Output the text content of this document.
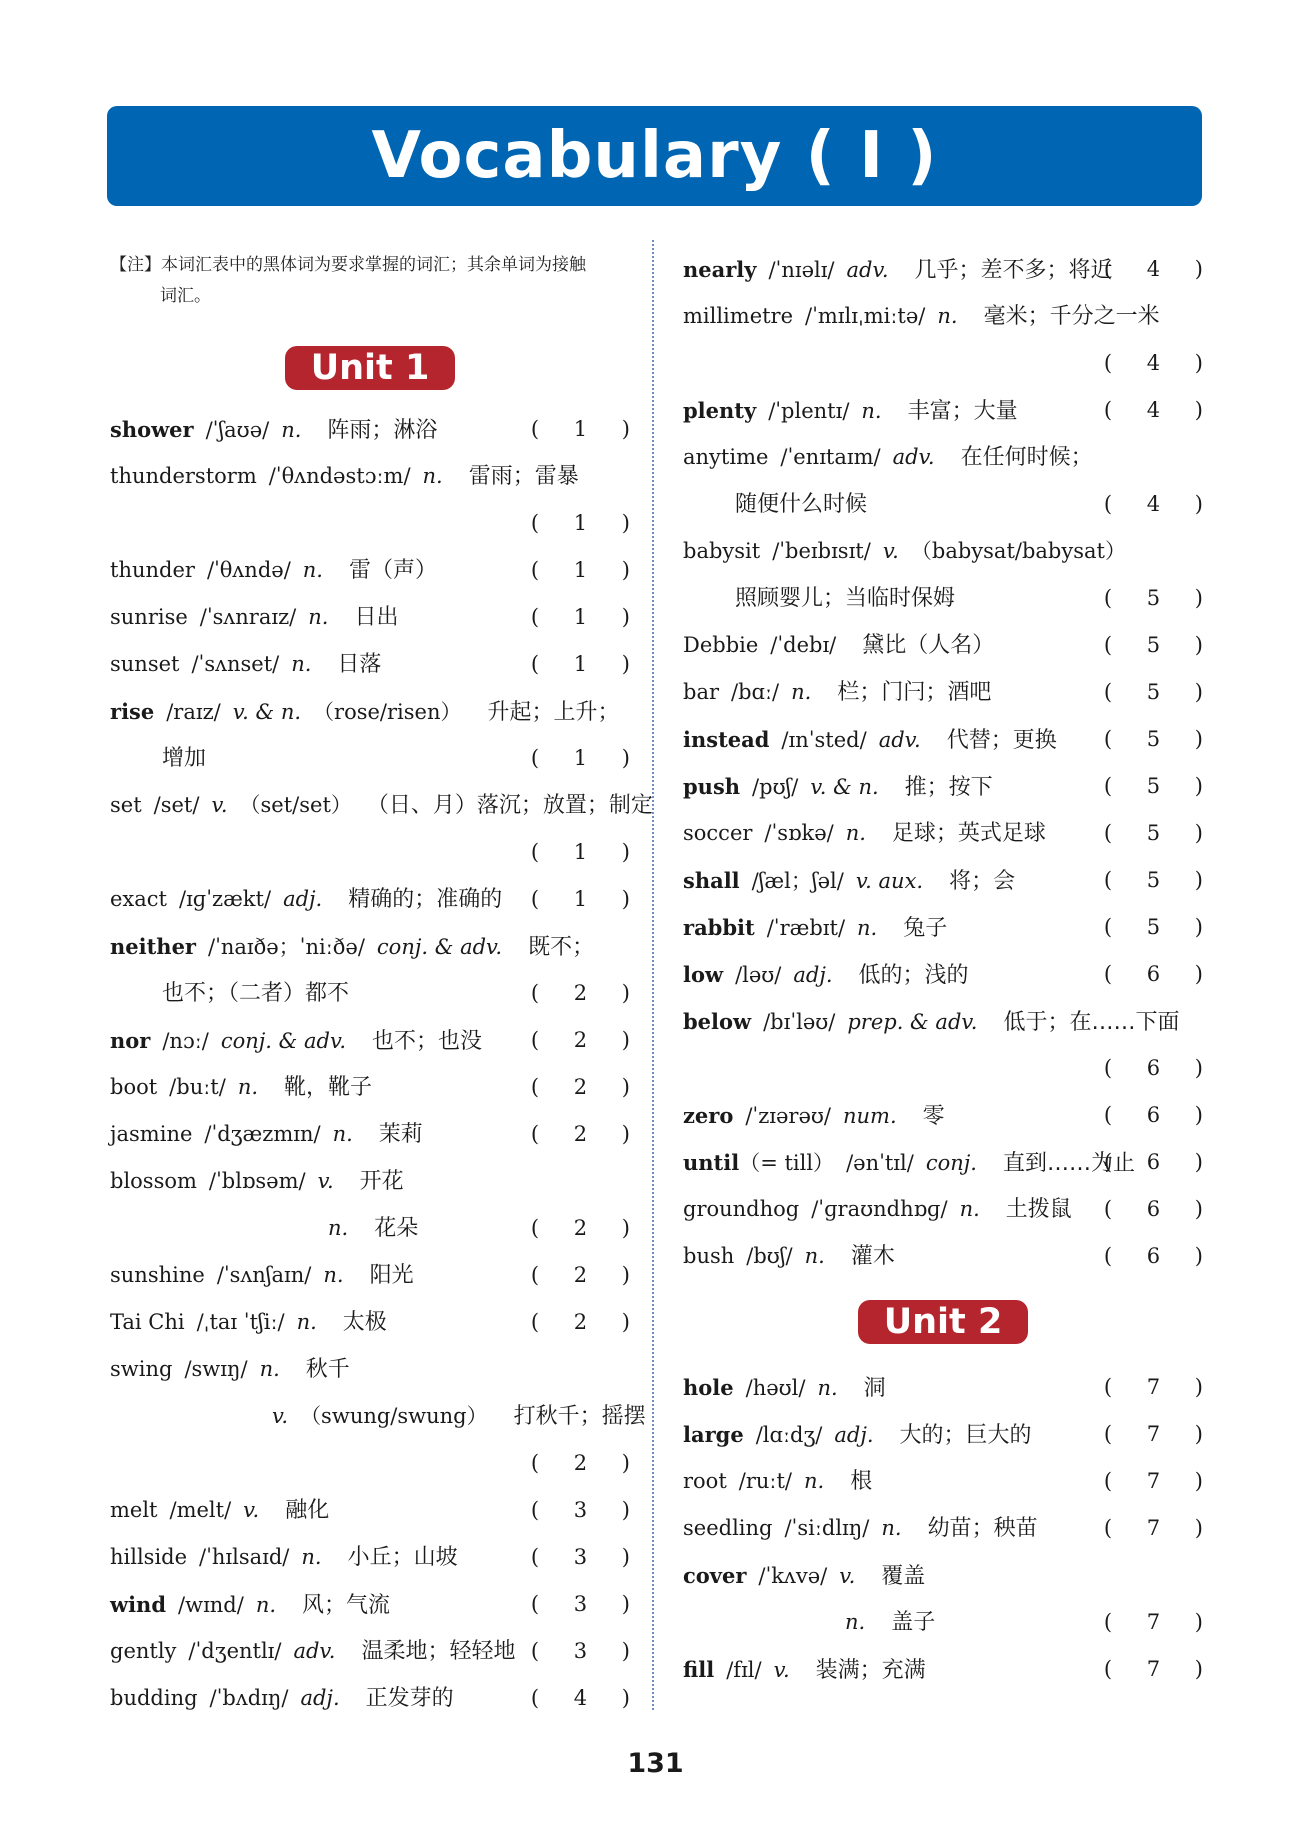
Vocabulary ( I )
【注】本词汇表中的黑体词为要求掌握的词汇；其余单词为接触
词汇。
Unit 1
shower /ˈʃaʊə/ n. 阵雨；淋浴	( 1 )
thunderstorm /ˈθʌndəstɔːm/ n. 雷雨；雷暴
( 1 )
thunder /ˈθʌndə/ n. 雷（声）	( 1 )
sunrise /ˈsʌnraɪz/ n. 日出	( 1 )
sunset /ˈsʌnset/ n. 日落	( 1 )
rise /raɪz/ v. & n. （rose/risen） 升起；上升；
增加	( 1 )
set /set/ v. （set/set） （日、月）落沉；放置；制定
( 1 )
exact /ɪɡˈzækt/ adj. 精确的；准确的 ( 1 )
neither /ˈnaɪðə；ˈniːðə/ conj. & adv. 既不；
也不；（二者）都不	( 2 )
nor /nɔː/ conj. & adv. 也不；也没 ( 2 )
boot /buːt/ n. 靴，靴子	( 2 )
jasmine /ˈdʒæzmɪn/ n. 茉莉	( 2 )
blossom /ˈblɒsəm/ v. 开花
n. 花朵	( 2 )
sunshine /ˈsʌnʃaɪn/ n. 阳光	( 2 )
Tai Chi /ˌtaɪ ˈtʃiː/ n. 太极	( 2 )
swing /swɪŋ/ n. 秋千
v. （swung/swung） 打秋千；摇摆
( 2 )
melt /melt/ v. 融化	( 3 )
hillside /ˈhɪlsaɪd/ n. 小丘；山坡	( 3 )
wind /wɪnd/ n. 风；气流	( 3 )
gently /ˈdʒentlɪ/ adv. 温柔地；轻轻地 ( 3 )
budding /ˈbʌdɪŋ/ adj. 正发芽的	( 4 )
nearly /ˈnɪəlɪ/ adv. 几乎；差不多；将近
( 4 )
millimetre /ˈmɪlɪˌmiːtə/ n. 毫米；千分之一米
( 4 )
plenty /ˈplentɪ/ n. 丰富；大量	( 4 )
anytime /ˈenɪtaɪm/ adv. 在任何时候；
随便什么时候	( 4 )
babysit /ˈbeɪbɪsɪt/ v. （babysat/babysat）
照顾婴儿；当临时保姆	( 5 )
Debbie /ˈdebɪ/ 黛比（人名）	( 5 )
bar /bɑː/ n. 栏；门闩；酒吧	( 5 )
instead /ɪnˈsted/ adv. 代替；更换 ( 5 )
push /pʊʃ/ v. & n. 推；按下	( 5 )
soccer /ˈsɒkə/ n. 足球；英式足球	( 5 )
shall /ʃæl；ʃəl/ v. aux. 将；会	( 5 )
rabbit /ˈræbɪt/ n. 兔子	( 5 )
low /ləʊ/ adj. 低的；浅的	( 6 )
below /bɪˈləʊ/ prep. & adv. 低于；在……下面
( 6 )
zero /ˈzɪərəʊ/ num. 零	( 6 )
until（= till） /ənˈtɪl/ conj. 直到……为止
( 6 )
groundhog /ˈɡraʊndhɒɡ/ n. 土拨鼠 ( 6 )
bush /bʊʃ/ n. 灌木	( 6 )
Unit 2
hole /həʊl/ n. 洞	( 7 )
large /lɑːdʒ/ adj. 大的；巨大的	( 7 )
root /ruːt/ n. 根	( 7 )
seedling /ˈsiːdlɪŋ/ n. 幼苗；秧苗	( 7 )
cover /ˈkʌvə/ v. 覆盖
n. 盖子	( 7 )
fill /fɪl/ v. 装满；充满	( 7 )
131
